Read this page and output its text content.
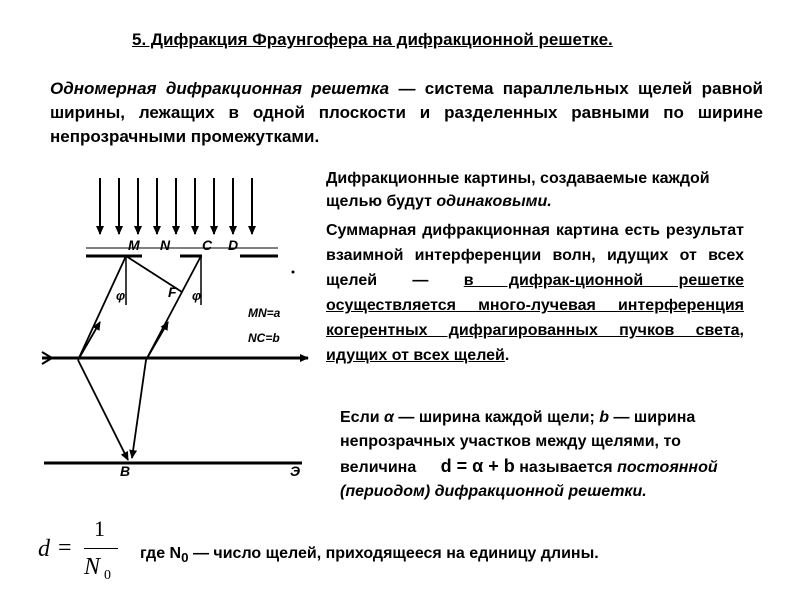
5. Дифракция Фраунгофера на дифракционной решетке.
Одномерная дифракционная решетка — система параллельных щелей равной ширины, лежащих в одной плоскости и разделенных равными по ширине непрозрачными промежутками.
M N C D
φ	φ
F
B	Э
MN=a
NC=b
Дифракционные картины, создаваемые каждой щелью будут одинаковыми.
Суммарная дифракционная картина есть результат взаимной интерференции волн, идущих от всех щелей — в дифрак-ционной решетке осуществляется много-лучевая интерференция когерентных дифрагированных пучков света, идущих от всех щелей.
Если α — ширина каждой щели; b — ширина непрозрачных участков между щелями, то величина d = α + b называется постоянной (периодом) дифракционной решетки.
d =
1
N 0
где $N_0$ — число щелей, приходящееся на единицу длины.
